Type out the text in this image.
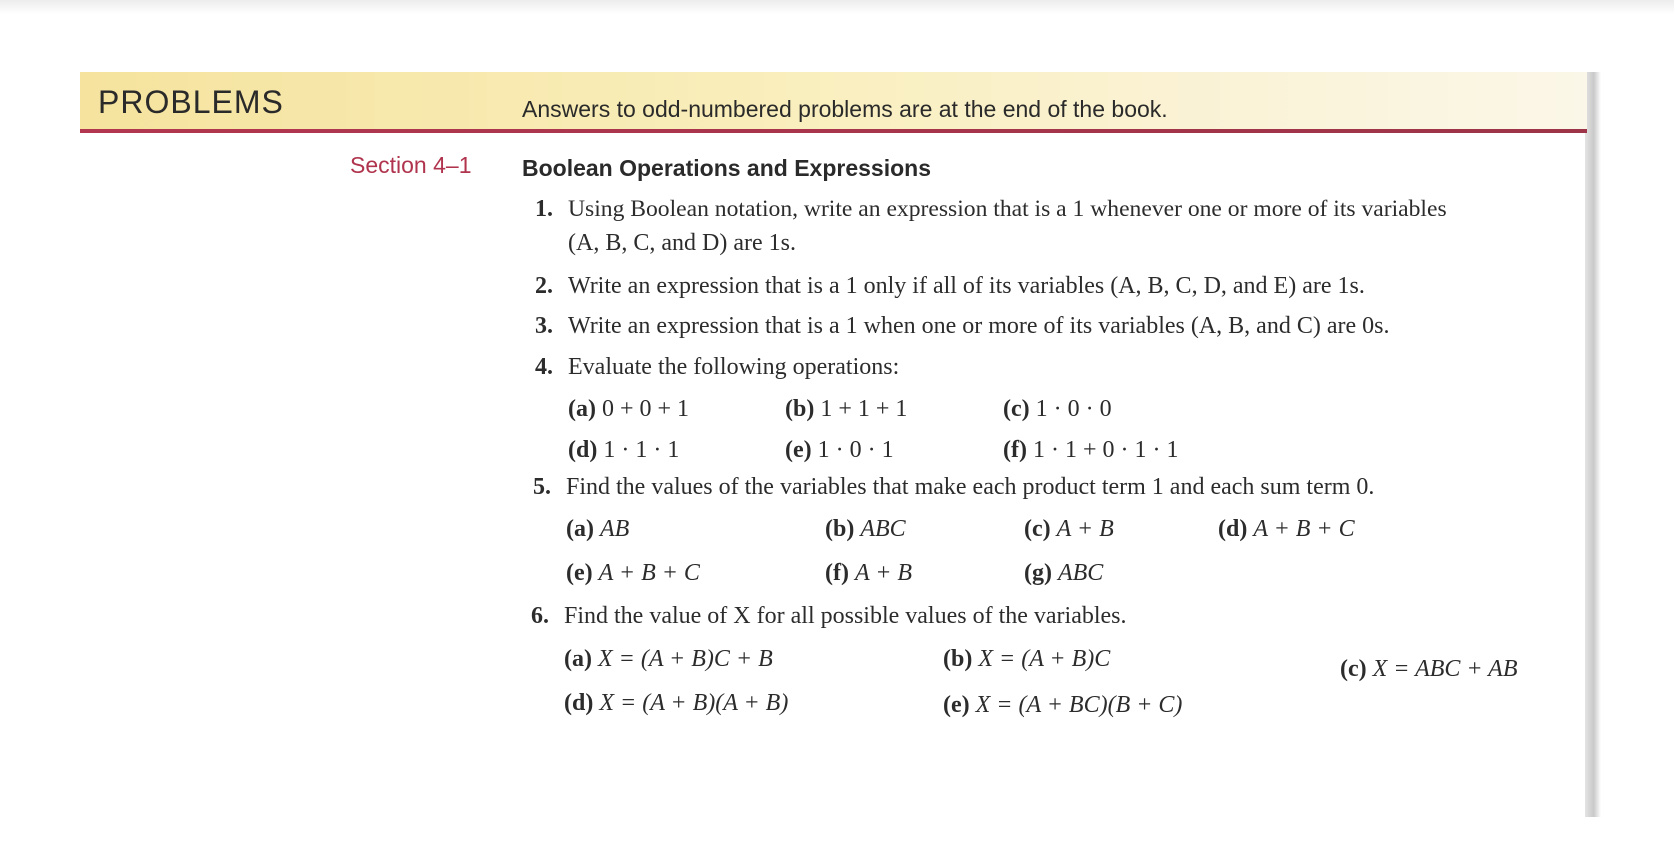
PROBLEMS	Answers to odd-numbered problems are at the end of the book.
Section 4–1 Boolean Operations and Expressions
1. Using Boolean notation, write an expression that is a 1 whenever one or more of its variables
(A, B, C, and D) are 1s.
2. Write an expression that is a 1 only if all of its variables (A, B, C, D, and E) are 1s.
3. Write an expression that is a 1 when one or more of its variables (A, B, and C) are 0s.
4. Evaluate the following operations:
(a) 0 + 0 + 1	(b) 1 + 1 + 1	(c) 1 · 0 · 0
(d) 1 · 1 · 1	(e) 1 · 0 · 1	(f) 1 · 1 + 0 · 1 · 1
5. Find the values of the variables that make each product term 1 and each sum term 0.
(a) AB	(b) ABC	(c) A + B	(d) A + B + C
(e) A + B + C	(f) A + B	(g) ABC
6. Find the value of X for all possible values of the variables.
(a) X = (A + B)C + B	(b) X = (A + B)C	(c) X = ABC + AB
(d) X = (A + B)(A + B)	(e) X = (A + BC)(B + C)
